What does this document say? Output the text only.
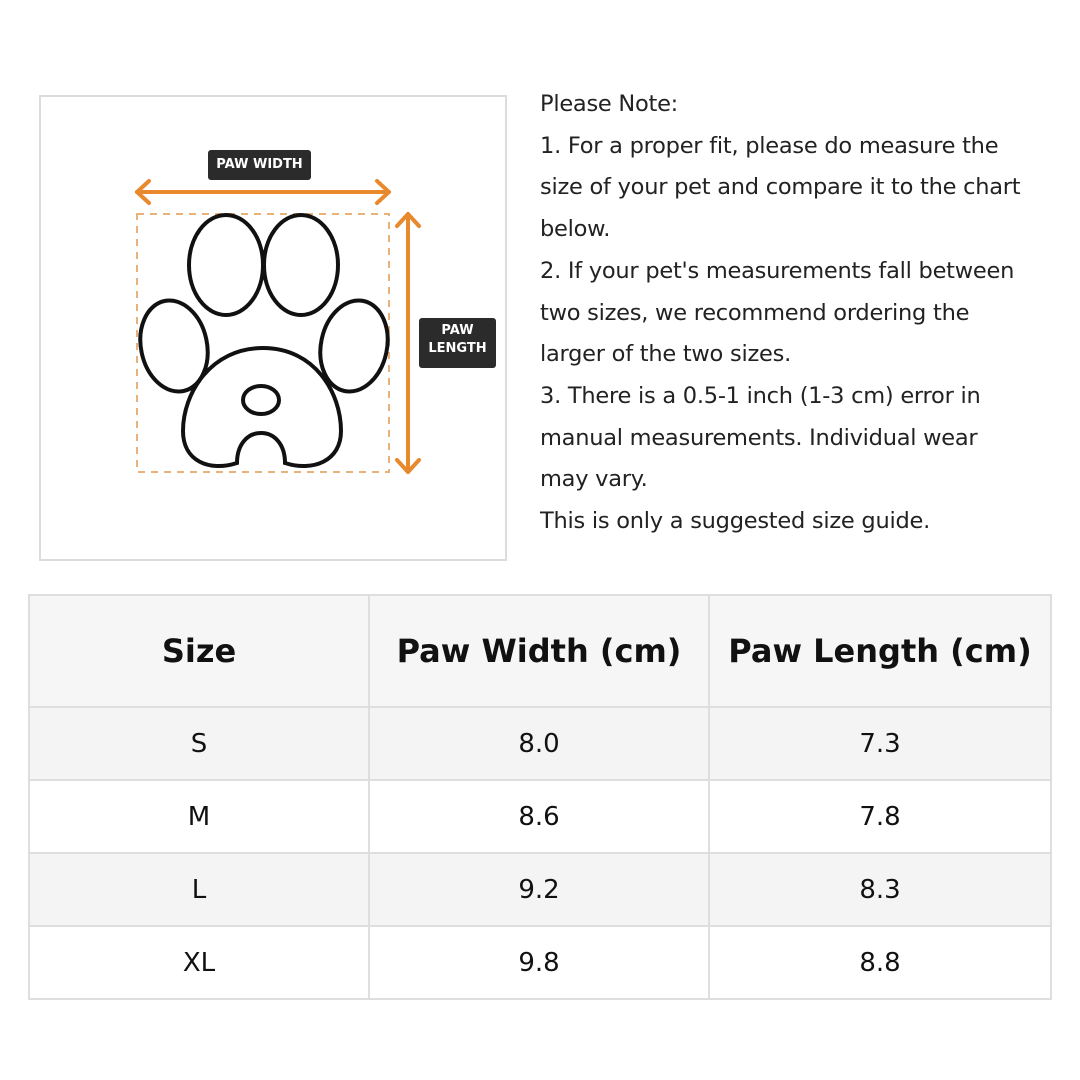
PAW WIDTH
PAW
LENGTH

Please Note:

1. For a proper fit, please do measure the

size of your pet and compare it to the chart

below.

2. If your pet's measurements fall between

two sizes, we recommend ordering the

larger of the two sizes.

3. There is a 0.5-1 inch (1-3 cm) error in

manual measurements. Individual wear

may vary.

This is only a suggested size guide.

Size	Paw Width (cm)	Paw Length (cm)
S	8.0	7.3
M	8.6	7.8
L	9.2	8.3
XL	9.8	8.8
